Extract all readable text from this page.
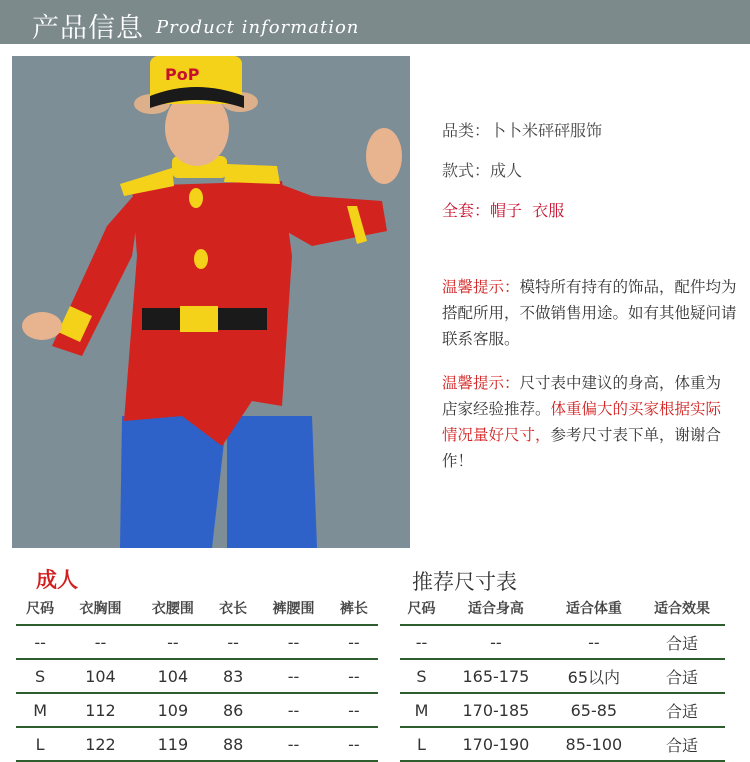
产品信息 Product information
PoP
品类：卜卜米砰砰服饰
款式：成人
全套：帽子  衣服
温馨提示：模特所有持有的饰品，配件均为搭配所用，不做销售用途。如有其他疑问请联系客服。
温馨提示：尺寸表中建议的身高，体重为店家经验推荐。体重偏大的买家根据实际情况量好尺寸，参考尺寸表下单，谢谢合作！
成人	推荐尺寸表
尺码	衣胸围	衣腰围	衣长	裤腰围	裤长
--	--	--	--	--	--
S	104	104	83	--	--
M	112	109	86	--	--
L	122	119	88	--	--
尺码	适合身高	适合体重	适合效果
--	--	--	合适
S	165-175	65以内	合适
M	170-185	65-85	合适
L	170-190	85-100	合适
